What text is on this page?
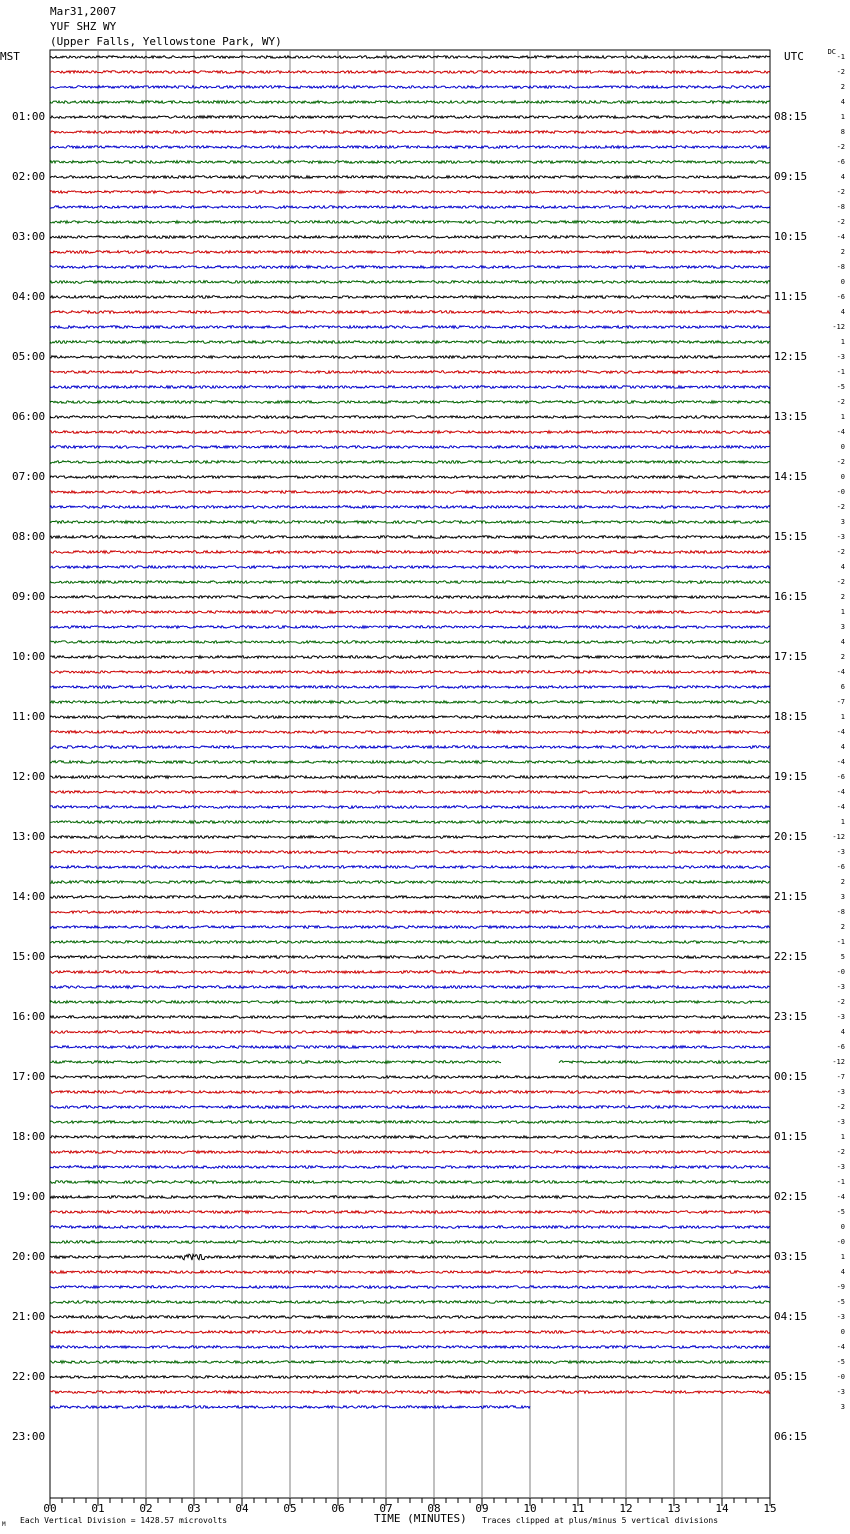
Mar31,2007
YUF SHZ WY
(Upper Falls, Yellowstone Park, WY)
MST	UTC	DC
01:00
02:00
03:00
04:00
05:00
06:00
07:00
08:00
09:00
10:00
11:00
12:00
13:00
14:00
15:00
16:00
17:00
18:00
19:00
20:00
21:00
22:00
23:00
08:15
09:15
10:15
11:15
12:15
13:15
14:15
15:15
16:15
17:15
18:15
19:15
20:15
21:15
22:15
23:15
00:15
01:15
02:15
03:15
04:15
05:15
06:15
-1
-2
2
4
1
8
-2
-6
4
-2
-8
-2
-4
2
-8
0
-6
4
-12
1
-3
-1
-5
-2
1
-4
0
-2
0
-0
-2
3
-3
-2
4
-2
2
1
3
4
2
-4
6
-7
1
-4
4
-4
-6
-4
-4
1
-12
-3
-6
2
3
-8
2
-1
5
-0
-3
-2
-3
4
-6
-12
-7
-3
-2
-3
1
-2
-3
-1
-4
-5
0
-0
1
4
-9
-5
-3
0
-4
-5
-0
-3
3
00	01	02	03	04	05	06	07	08	09	10	11	12	13	14	15
M Each Vertical Division = 1428.57 microvolts	TIME (MINUTES) Traces clipped at plus/minus 5 vertical divisions
